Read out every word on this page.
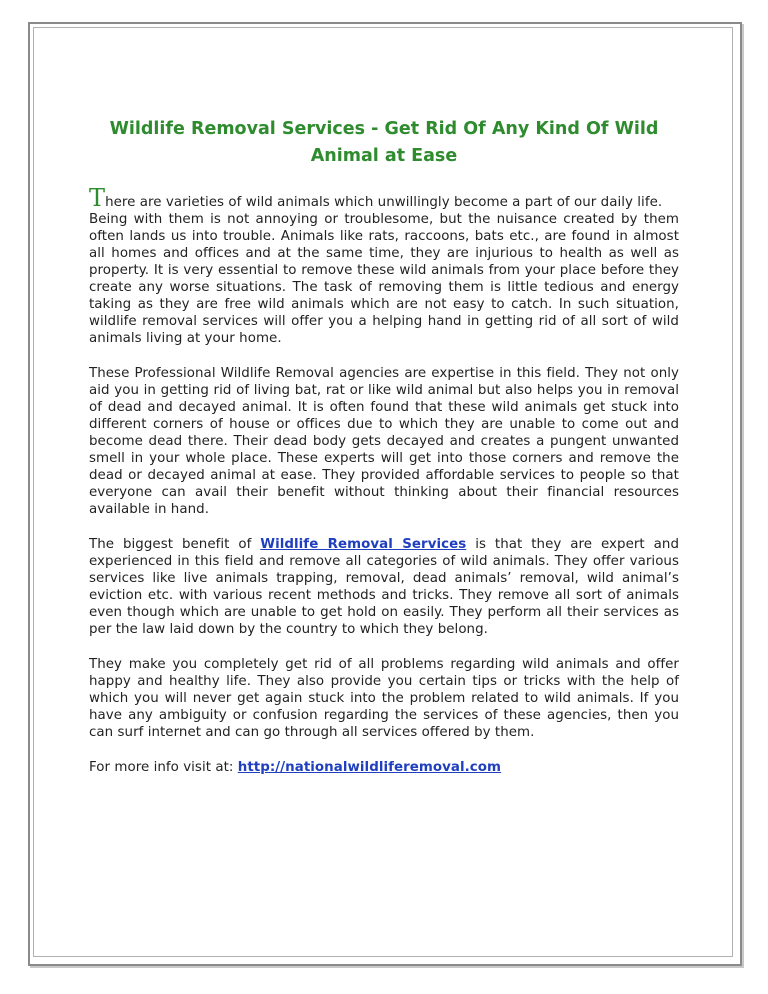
Wildlife Removal Services - Get Rid Of Any Kind Of Wild Animal at Ease

There are varieties of wild animals which unwillingly become a part of our daily life.
Being with them is not annoying or troublesome, but the nuisance created by them often lands us into trouble. Animals like rats, raccoons, bats etc., are found in almost all homes and offices and at the same time, they are injurious to health as well as property. It is very essential to remove these wild animals from your place before they create any worse situations. The task of removing them is little tedious and energy taking as they are free wild animals which are not easy to catch. In such situation, wildlife removal services will offer you a helping hand in getting rid of all sort of wild animals living at your home.

These Professional Wildlife Removal agencies are expertise in this field. They not only aid you in getting rid of living bat, rat or like wild animal but also helps you in removal of dead and decayed animal. It is often found that these wild animals get stuck into different corners of house or offices due to which they are unable to come out and become dead there. Their dead body gets decayed and creates a pungent unwanted smell in your whole place. These experts will get into those corners and remove the dead or decayed animal at ease. They provided affordable services to people so that everyone can avail their benefit without thinking about their financial resources available in hand.

The biggest benefit of Wildlife Removal Services is that they are expert and experienced in this field and remove all categories of wild animals. They offer various services like live animals trapping, removal, dead animals’ removal, wild animal’s eviction etc. with various recent methods and tricks. They remove all sort of animals even though which are unable to get hold on easily. They perform all their services as per the law laid down by the country to which they belong.

They make you completely get rid of all problems regarding wild animals and offer happy and healthy life. They also provide you certain tips or tricks with the help of which you will never get again stuck into the problem related to wild animals. If you have any ambiguity or confusion regarding the services of these agencies, then you can surf internet and can go through all services offered by them.

For more info visit at: http://nationalwildliferemoval.com
